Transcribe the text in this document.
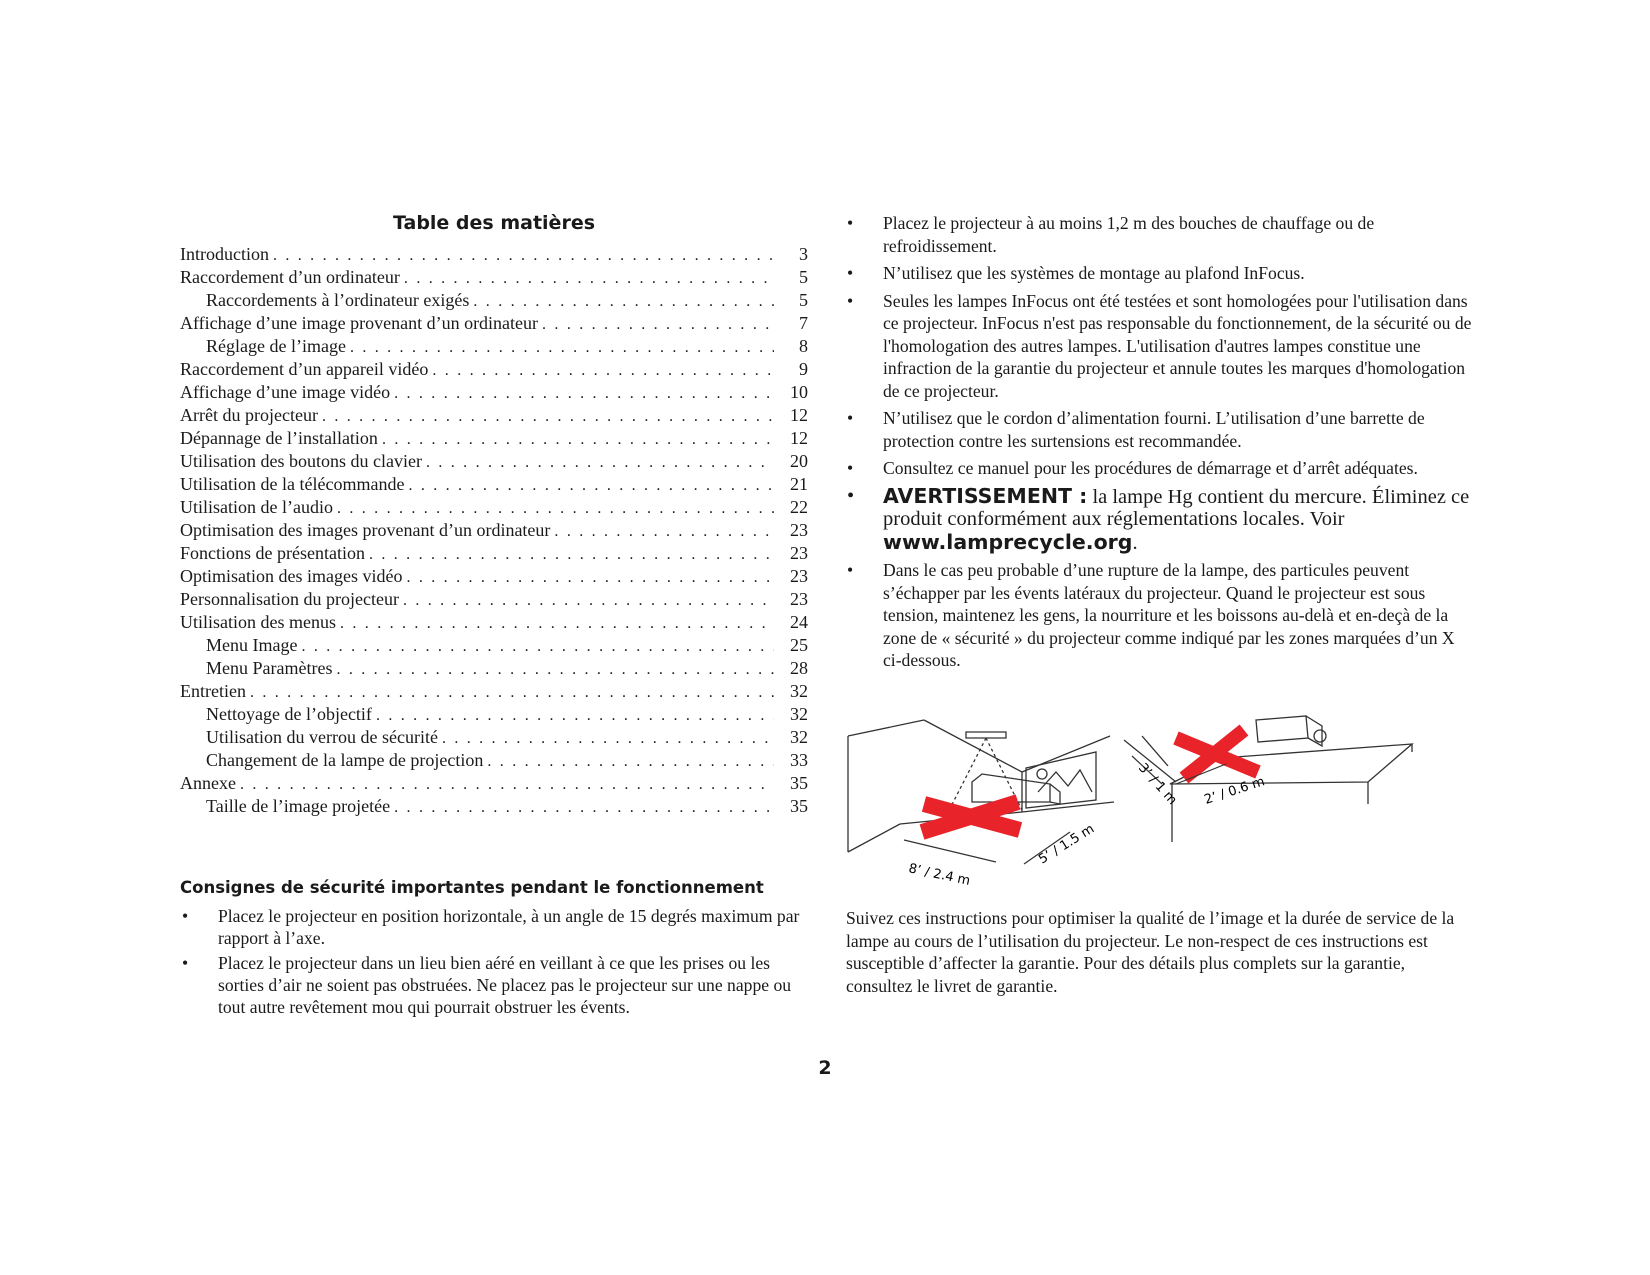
Table des matières
Introduction . . .	3
Raccordement d’un ordinateur . . .	5
Raccordements à l’ordinateur exigés . . .	5
Affichage d’une image provenant d’un ordinateur . . .	7
Réglage de l’image . . .	8
Raccordement d’un appareil vidéo . . .	9
Affichage d’une image vidéo . . .	10
Arrêt du projecteur . . .	12
Dépannage de l’installation . . .	12
Utilisation des boutons du clavier . . .	20
Utilisation de la télécommande . . .	21
Utilisation de l’audio . . .	22
Optimisation des images provenant d’un ordinateur . . .	23
Fonctions de présentation . . .	23
Optimisation des images vidéo . . .	23
Personnalisation du projecteur . . .	23
Utilisation des menus . . .	24
Menu Image . . .	25
Menu Paramètres . . .	28
Entretien . . .	32
Nettoyage de l’objectif . . .	32
Utilisation du verrou de sécurité . . .	32
Changement de la lampe de projection . . .	33
Annexe . . .	35
Taille de l’image projetée . . .	35
Consignes de sécurité importantes pendant le fonctionnement
• Placez le projecteur en position horizontale, à un angle de 15 degrés maximum par rapport à l’axe.
• Placez le projecteur dans un lieu bien aéré en veillant à ce que les prises ou les sorties d’air ne soient pas obstruées. Ne placez pas le projecteur sur une nappe ou tout autre revêtement mou qui pourrait obstruer les évents.
• Placez le projecteur à au moins 1,2 m des bouches de chauffage ou de refroidissement.
• N’utilisez que les systèmes de montage au plafond InFocus.
• Seules les lampes InFocus ont été testées et sont homologées pour l'utilisation dans ce projecteur. InFocus n'est pas responsable du fonctionnement, de la sécurité ou de l'homologation des autres lampes. L'utilisation d'autres lampes constitue une infraction de la garantie du projecteur et annule toutes les marques d'homologation de ce projecteur.
• N’utilisez que le cordon d’alimentation fourni. L’utilisation d’une barrette de protection contre les surtensions est recommandée.
• Consultez ce manuel pour les procédures de démarrage et d’arrêt adéquates.
• AVERTISSEMENT : la lampe Hg contient du mercure. Éliminez ce produit conformément aux réglementations locales. Voir www.lamprecycle.org.
• Dans le cas peu probable d’une rupture de la lampe, des particules peuvent s’échapper par les évents latéraux du projecteur. Quand le projecteur est sous tension, maintenez les gens, la nourriture et les boissons au-delà et en-deçà de la zone de « sécurité » du projecteur comme indiqué par les zones marquées d’un X ci-dessous.
8’ / 2.4 m
5’ / 1.5 m
3’ / 1 m 2’ / 0.6 m

Suivez ces instructions pour optimiser la qualité de l’image et la durée de service de la lampe au cours de l’utilisation du projecteur. Le non-respect de ces instructions est susceptible d’affecter la garantie. Pour des détails plus complets sur la garantie, consultez le livret de garantie.

2
